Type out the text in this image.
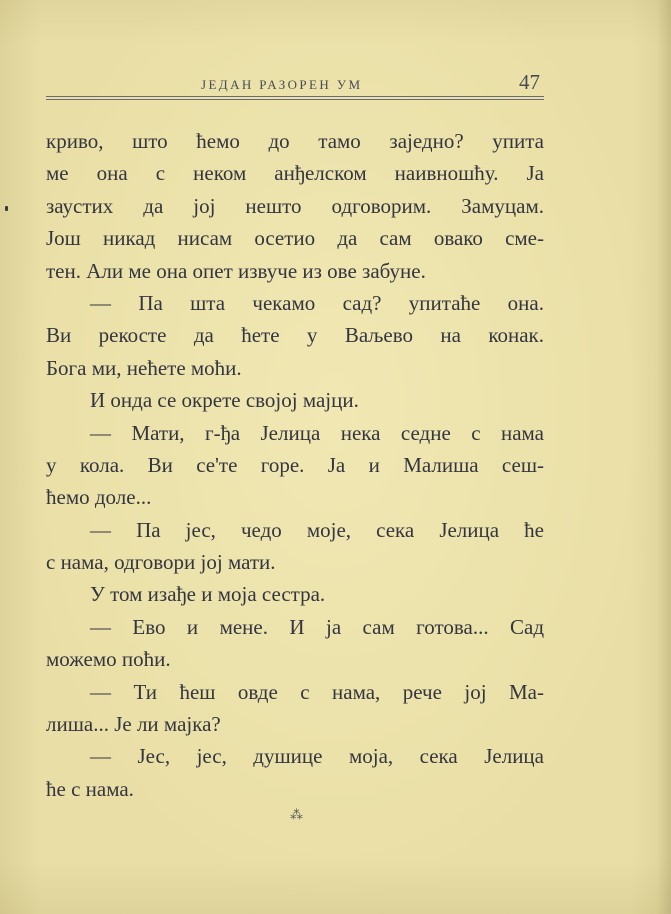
ЈЕДАН РАЗОРЕН УМ	47
криво, што ћемо до тамо заједно? упита
ме она с неком анђелском наивношћу. Ја
заустих да јој нешто одговорим. Замуцам.
Још никад нисам осетио да сам овако сме-
тен. Али ме она опет извуче из ове забуне.
— Па шта чекамо сад? упитаће она.
Ви рекосте да ћете у Ваљево на конак.
Бога ми, нећете моћи.
И онда се окрете својој мајци.
— Мати, г-ђа Јелица нека седне с нама
у кола. Ви се'те горе. Ја и Малиша сеш-
ћемо доле...
— Па јес, чедо моје, сека Јелица ће
с нама, одговори јој мати.
У том изађе и моја сестра.
— Ево и мене. И ја сам готова... Сад
можемо поћи.
— Ти ћеш овде с нама, рече јој Ма-
лиша... Је ли мајка?
— Јес, јес, душице моја, сека Јелица
ће с нама.
⁂
